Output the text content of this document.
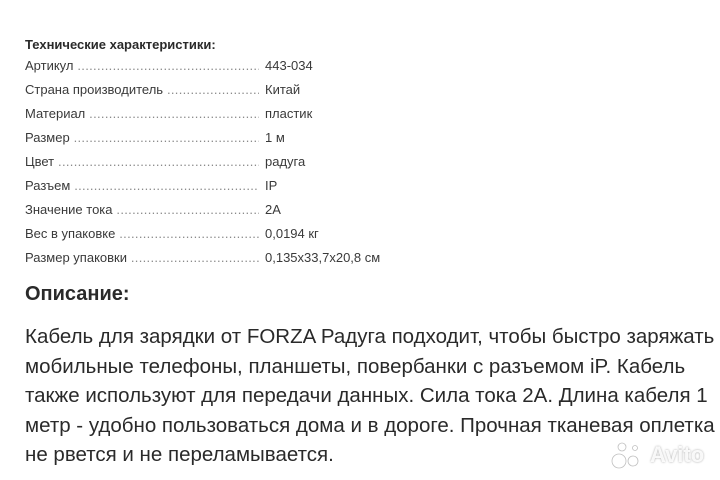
Технические характеристики:
Артикул .....	443-034
Страна производитель .....	Китай
Материал .....	пластик
Размер .....	1 м
Цвет .....	радуга
Разъем .....	IP
Значение тока .....	2A
Вес в упаковке .....	0,0194 кг
Размер упаковки .....	0,135x33,7x20,8 см
Описание:
Кабель для зарядки от FORZA Радуга подходит, чтобы быстро заряжать мобильные телефоны, планшеты, повербанки с разъемом iP. Кабель также используют для передачи данных. Сила тока 2А. Длина кабеля 1 метр - удобно пользоваться дома и в дороге. Прочная тканевая оплетка не рвется и не переламывается.	Avito
